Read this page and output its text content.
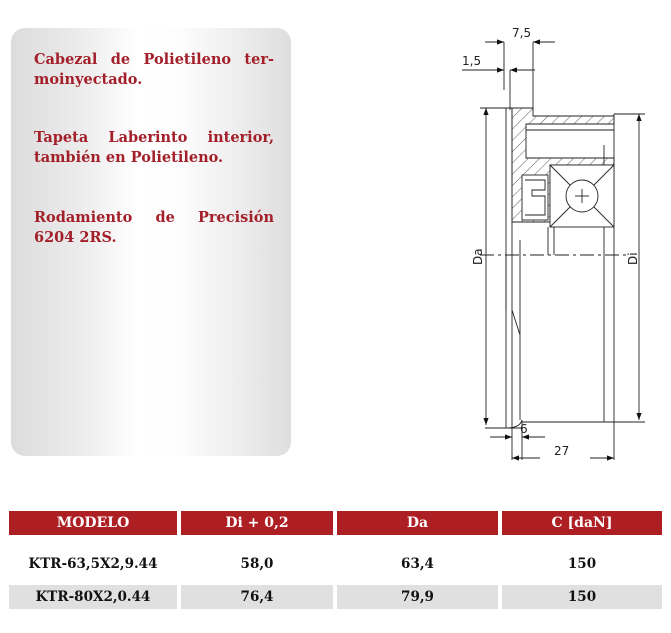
Cabezal de Polietileno ter-moinyectado.
Tapeta Laberinto interior, también en Polietileno.
Rodamiento de Precisión 6204 2RS.
7,5
1,5
Da	Di
6
27
MODELO	Di + 0,2	Da	C [daN]
KTR-63,5X2,9.44	58,0	63,4	150
KTR-80X2,0.44	76,4	79,9	150
